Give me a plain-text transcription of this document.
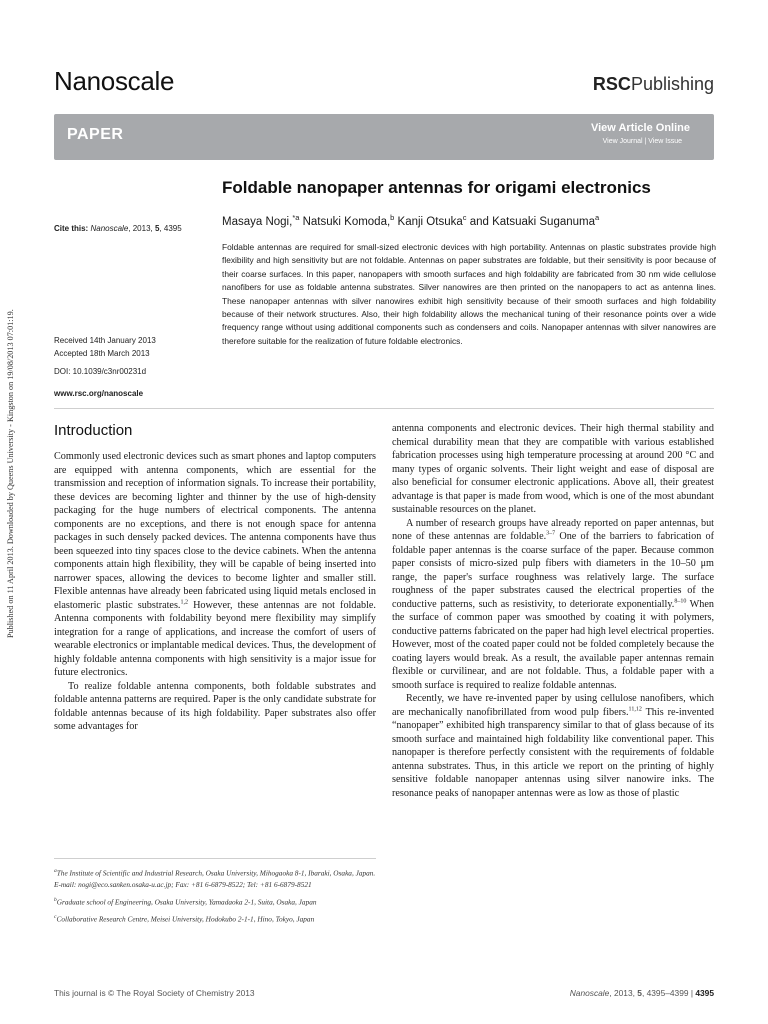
Published on 11 April 2013. Downloaded by Queens University - Kingston on 19/08/2013 07:01:19.
Nanoscale	RSCPublishing
PAPER	View Article Online
View Journal | View Issue
Foldable nanopaper antennas for origami electronics
Masaya Nogi,$^{*a}$ Natsuki Komoda,$^b$ Kanji Otsuka$^c$ and Katsuaki Suganuma$^a$
Cite this: Nanoscale, 2013, 5, 4395
Received 14th January 2013
Accepted 18th March 2013
DOI: 10.1039/c3nr00231d
www.rsc.org/nanoscale
Foldable antennas are required for small-sized electronic devices with high portability. Antennas on plastic substrates provide high flexibility and high sensitivity but are not foldable. Antennas on paper substrates are foldable, but their sensitivity is poor because of their coarse surfaces. In this paper, nanopapers with smooth surfaces and high foldability are fabricated from 30 nm wide cellulose nanofibers for use as foldable antenna substrates. Silver nanowires are then printed on the nanopapers to act as antenna lines. These nanopaper antennas with silver nanowires exhibit high sensitivity because of their smooth surfaces and high foldability because of their network structures. Also, their high foldability allows the mechanical tuning of their resonance points over a wide frequency range without using additional components such as condensers and coils. Nanopaper antennas with silver nanowires are therefore suitable for the realization of future foldable electronics.
Introduction

Commonly used electronic devices such as smart phones and laptop computers are equipped with antenna components, which are essential for the transmission and reception of information signals. To increase their portability, these devices are becoming lighter and thinner by the use of high-density packaging for the huge numbers of electrical components. The antenna components are no exceptions, and there is not enough space for antenna packages in such densely packed devices. The antenna components have thus been squeezed into tiny spaces close to the device cabinets. When the antenna components attain high flexibility, they will be capable of being inserted into narrower spaces, allowing the devices to become lighter and smaller still. Flexible antennas have already been fabricated using liquid metals enclosed in elastomeric plastic substrates.$^{1,2}$ However, these antennas are not foldable. Antenna components with foldability beyond mere flexibility may simplify integration for a range of applications, and increase the comfort of users of wearable electronics or implantable medical devices. Thus, the development of highly foldable antenna components with high sensitivity is a major issue for future electronics.

To realize foldable antenna components, both foldable substrates and foldable antenna patterns are required. Paper is the only candidate substrate for foldable antennas because of its high foldability. Paper substrates also offer some advantages for

antenna components and electronic devices. Their high thermal stability and chemical durability mean that they are compatible with various established fabrication processes using high temperature processing at around 200 °C and many types of organic solvents. Their light weight and ease of disposal are also beneficial for consumer electronic applications. Above all, their greatest advantage is that paper is made from wood, which is one of the most abundant sustainable resources on the planet.

A number of research groups have already reported on paper antennas, but none of these antennas are foldable.$^{3-7}$ One of the barriers to fabrication of foldable paper antennas is the coarse surface of the paper. Because common paper consists of micro-sized pulp fibers with diameters in the 10–50 μm range, the paper's surface roughness was relatively large. The surface roughness of the paper substrates caused the electrical properties of the conductive patterns, such as resistivity, to deteriorate exponentially.$^{8-10}$ When the surface of common paper was smoothed by coating it with polymers, conductive patterns fabricated on the paper had high level electrical properties. However, most of the coated paper could not be folded completely because the coating layers would break. As a result, the available paper antennas remain flexible or curvilinear, and are not foldable. Thus, a foldable paper with a smooth surface is required to realize foldable antennas.

Recently, we have re-invented paper by using cellulose nanofibers, which are mechanically nanofibrillated from wood pulp fibers.$^{11,12}$ This re-invented “nanopaper” exhibited high transparency similar to that of glass because of its smooth surface and maintained high foldability like conventional paper. This nanopaper is therefore perfectly consistent with the requirements of foldable antenna substrates. Thus, in this article we report on the printing of highly sensitive foldable nanopaper antennas using silver nanowire inks. The resonance peaks of nanopaper antennas were as low as those of plastic

$^a$The Institute of Scientific and Industrial Research, Osaka University, Mihogaoka 8-1, Ibaraki, Osaka, Japan. E-mail: nogi@eco.sanken.osaka-u.ac.jp; Fax: +81 6-6879-8522; Tel: +81 6-6879-8521

$^b$Graduate school of Engineering, Osaka University, Yamadaoka 2-1, Suita, Osaka, Japan

$^c$Collaborative Research Centre, Meisei University, Hodokubo 2-1-1, Hino, Tokyo, Japan

This journal is © The Royal Society of Chemistry 2013	Nanoscale, 2013, 5, 4395–4399 | 4395
